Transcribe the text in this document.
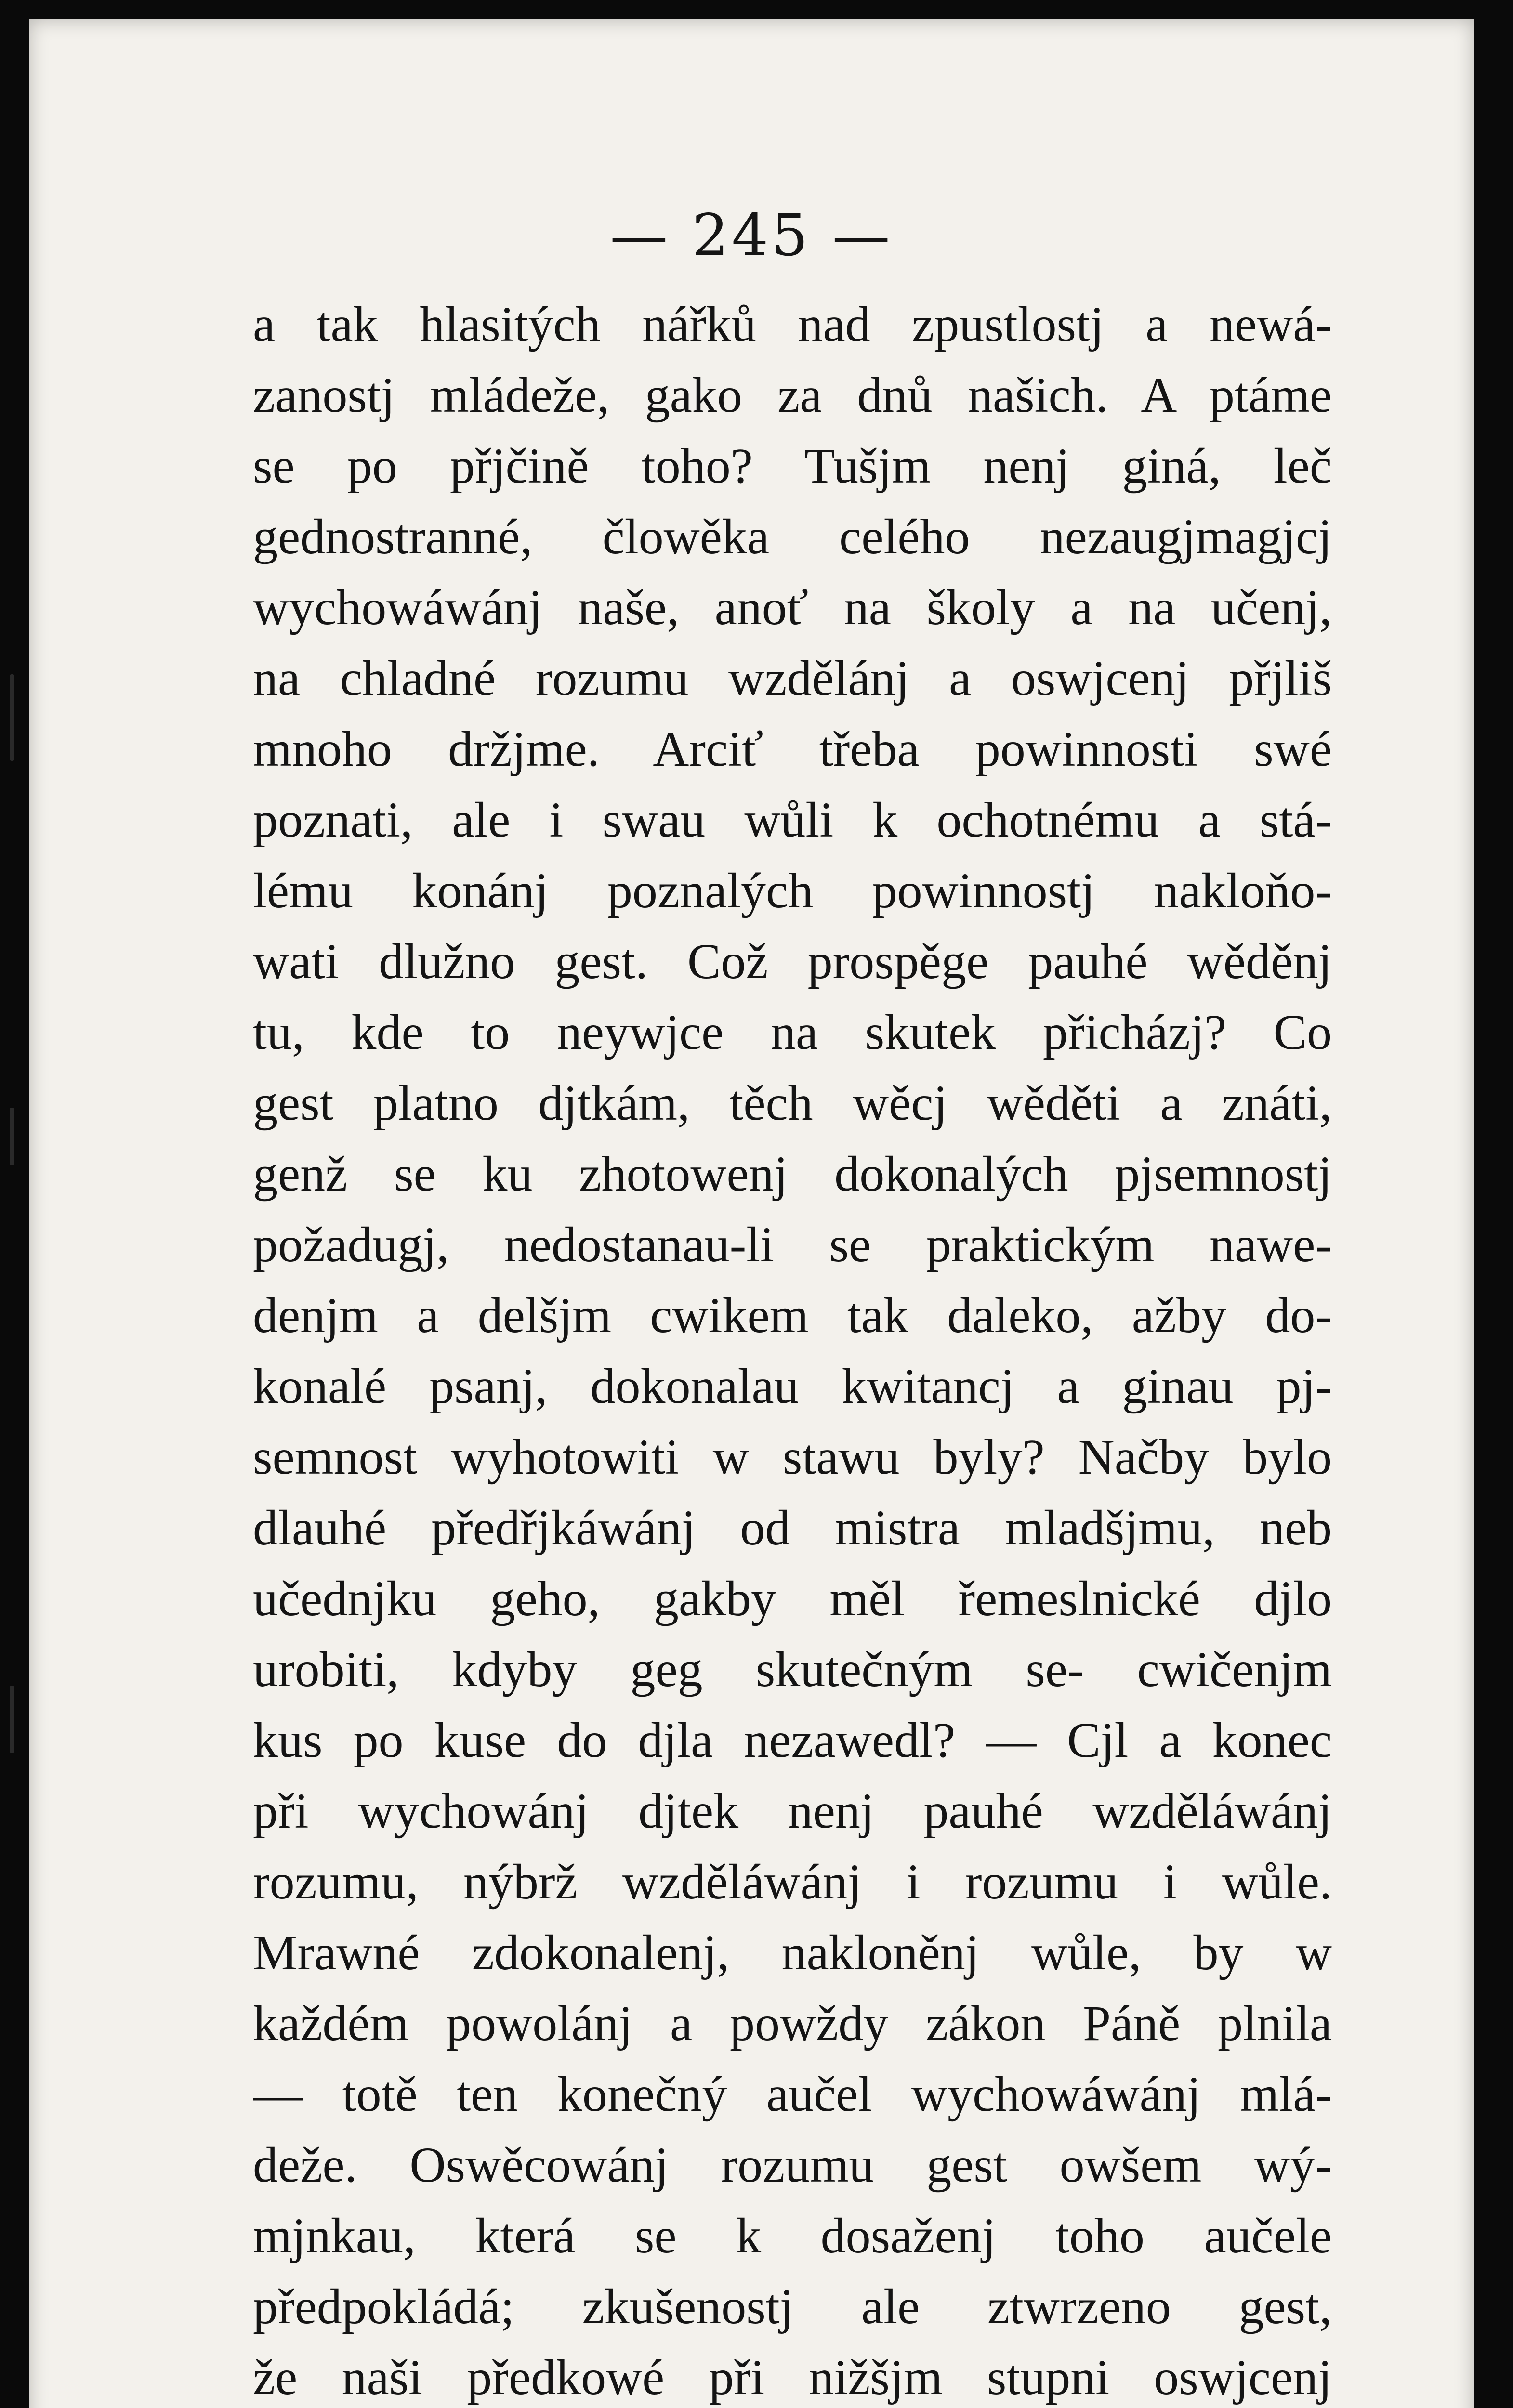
— 245 —
a tak hlasitých nářků nad zpustlostj a newá-
zanostj mládeže, gako za dnů našich. A ptáme
se po přjčině toho? Tušjm nenj giná, leč
gednostranné, člowěka celého nezaugjmagjcj
wychowáwánj naše, anoť na školy a na učenj,
na chladné rozumu wzdělánj a oswjcenj přjliš
mnoho držjme. Arciť třeba powinnosti swé
poznati, ale i swau wůli k ochotnému a stá-
lému konánj poznalých powinnostj nakloňo-
wati dlužno gest. Což prospěge pauhé wěděnj
tu, kde to neywjce na skutek přicházj? Co
gest platno djtkám, těch wěcj wěděti a znáti,
genž se ku zhotowenj dokonalých pjsemnostj
požadugj, nedostanau-li se praktickým nawe-
denjm a delšjm cwikem tak daleko, ažby do-
konalé psanj, dokonalau kwitancj a ginau pj-
semnost wyhotowiti w stawu byly? Načby bylo
dlauhé předřjkáwánj od mistra mladšjmu, neb
učednjku geho, gakby měl řemeslnické djlo
urobiti, kdyby geg skutečným se- cwičenjm
kus po kuse do djla nezawedl? — Cjl a konec
při wychowánj djtek nenj pauhé wzděláwánj
rozumu, nýbrž wzděláwánj i rozumu i wůle.
Mrawné zdokonalenj, nakloněnj wůle, by w
každém powolánj a powždy zákon Páně plnila
— totě ten konečný aučel wychowáwánj mlá-
deže. Oswěcowánj rozumu gest owšem wý-
mjnkau, která se k dosaženj toho aučele
předpokládá; zkušenostj ale ztwrzeno gest,
že naši předkowé při nižšjm stupni oswjcenj
